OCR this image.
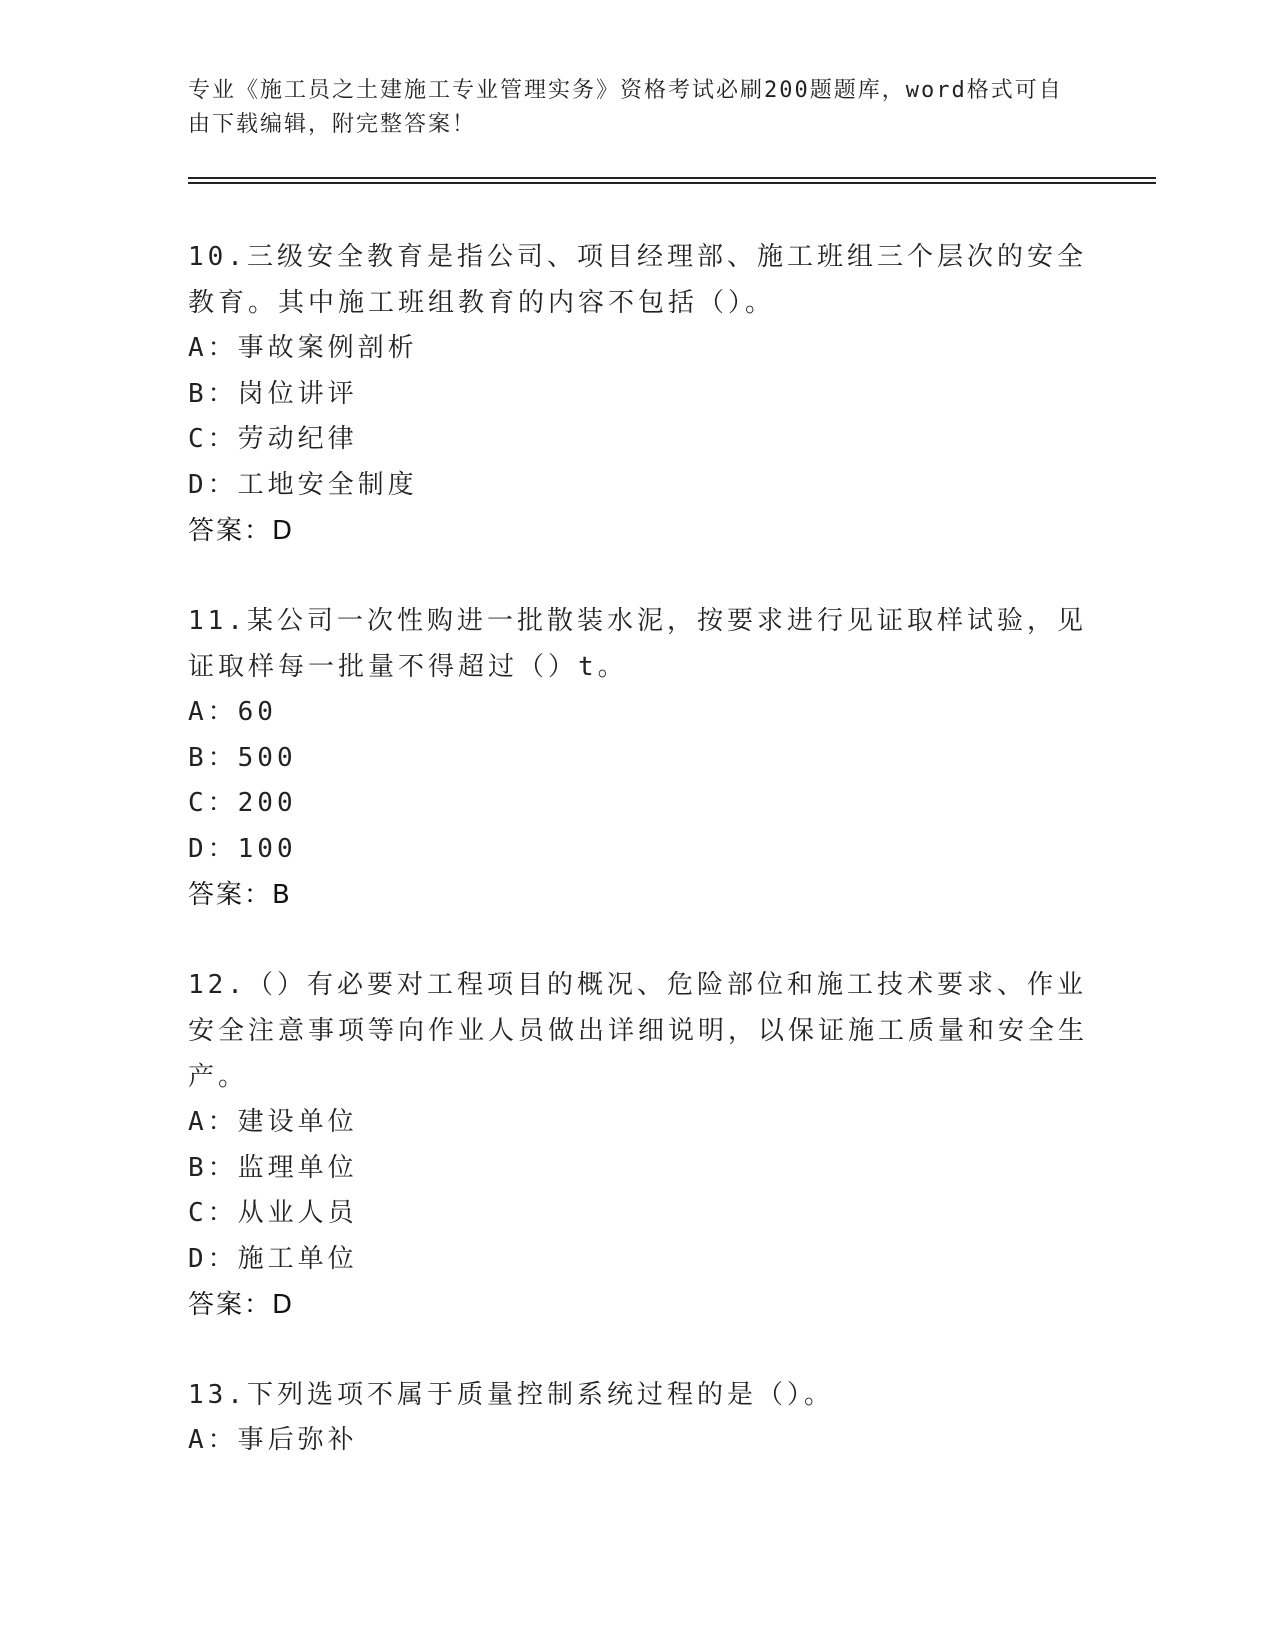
专业《施工员之土建施工专业管理实务》资格考试必刷200题题库，word格式可自由下载编辑，附完整答案！

10.三级安全教育是指公司、项目经理部、施工班组三个层次的安全教育。其中施工班组教育的内容不包括（）。

A：事故案例剖析

B：岗位讲评

C：劳动纪律

D：工地安全制度

答案：D

11.某公司一次性购进一批散装水泥，按要求进行见证取样试验，见证取样每一批量不得超过（）t。

A：60

B：500

C：200

D：100

答案：B

12.（）有必要对工程项目的概况、危险部位和施工技术要求、作业安全注意事项等向作业人员做出详细说明，以保证施工质量和安全生产。

A：建设单位

B：监理单位

C：从业人员

D：施工单位

答案：D

13.下列选项不属于质量控制系统过程的是（）。

A：事后弥补
